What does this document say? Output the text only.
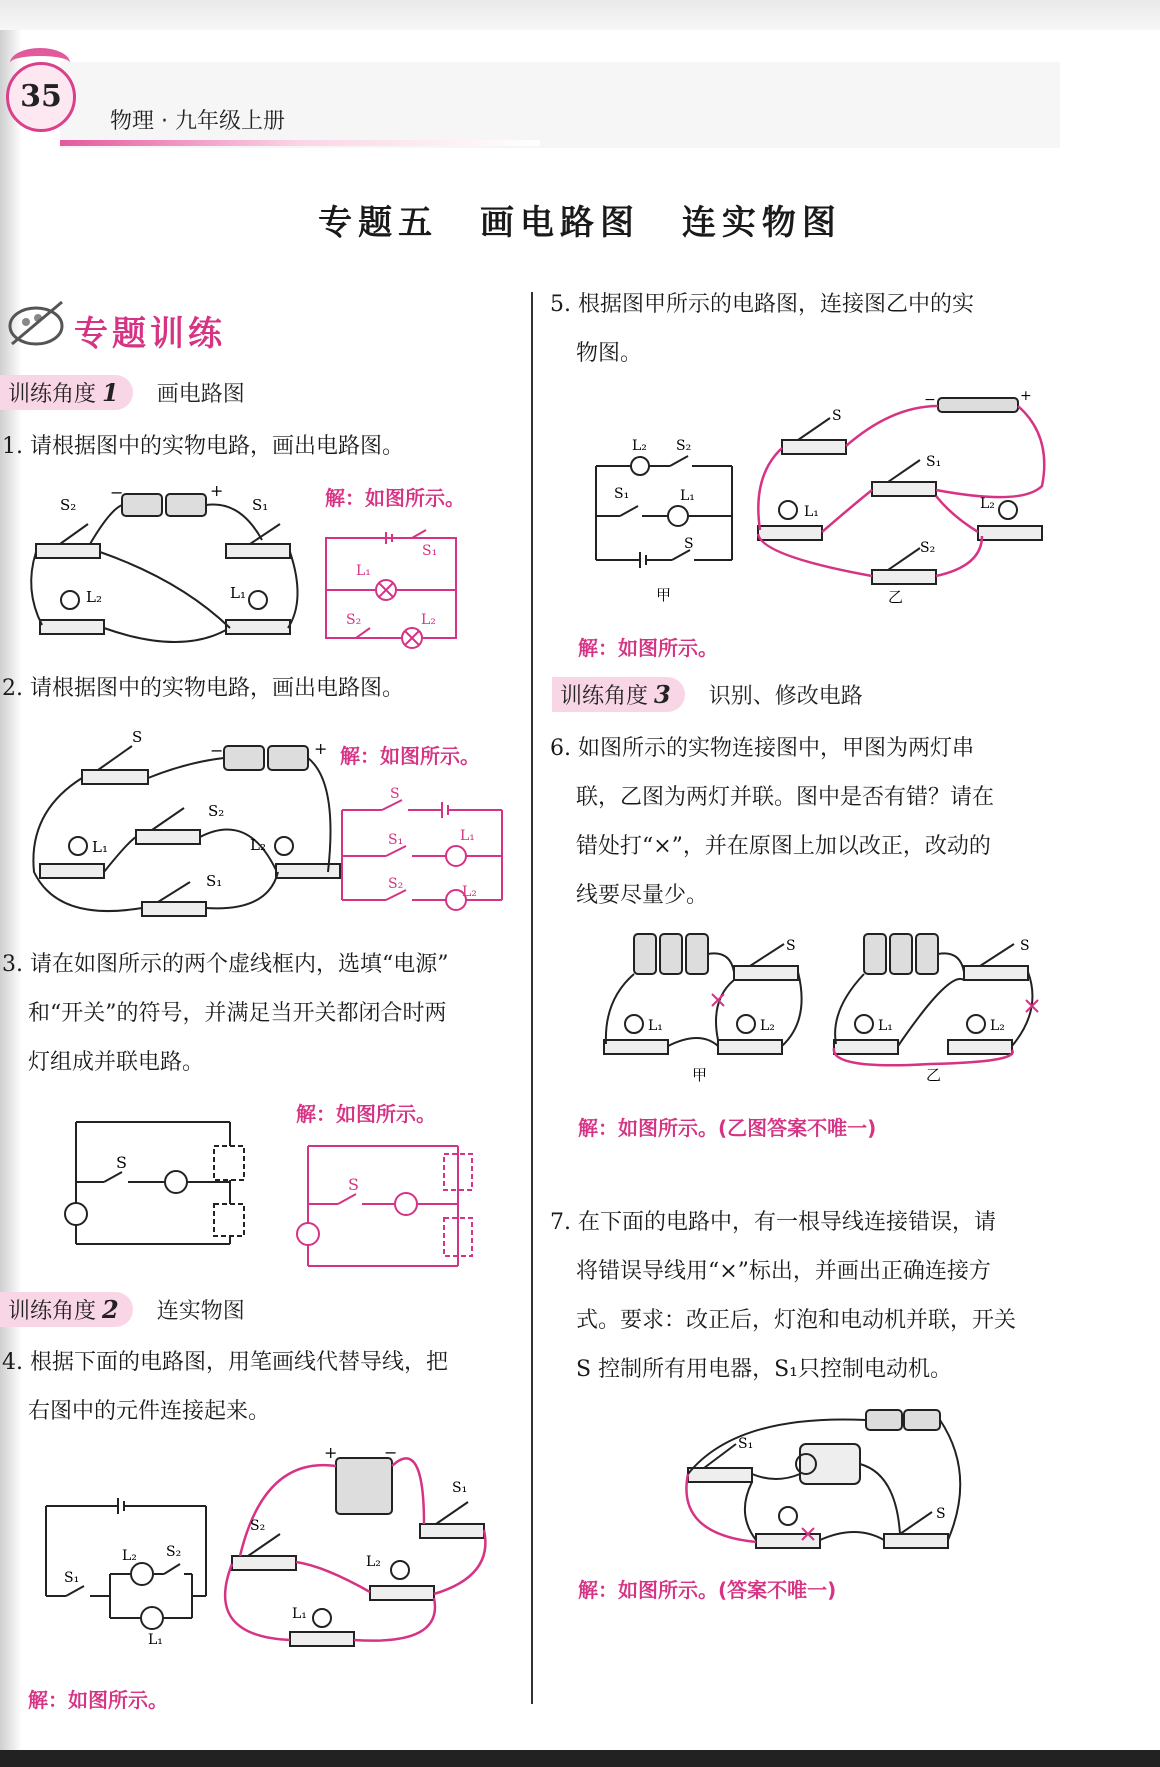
35
物理 · 九年级上册
专题五 画电路图 连实物图
专题训练
训练角度 1	画电路图
1. 请根据图中的实物电路，画出电路图。
S₂	S₁
L₂	L₁
−	+	解：如图所示。
S₁
L₁
S₂	L₂
2. 请根据图中的实物电路，画出电路图。
S
S₂
L₁	L₂
S₁
−	+ 解：如图所示。
S
S₁	L₁
S₂	L₂
3. 请在如图所示的两个虚线框内，选填“电源”
和“开关”的符号，并满足当开关都闭合时两
灯组成并联电路。
S
解：如图所示。
S
训练角度 2	连实物图
4. 根据下面的电路图，用笔画线代替导线，把
右图中的元件连接起来。
S₁
L₂ S₂
L₁
+	−
S₂
S₁
L₂
L₁
解：如图所示。
5. 根据图甲所示的电路图，连接图乙中的实
物图。
L₂ S₂
S₁	L₁
S
甲
S
−	+
S₁
L₁	L₂
S₂
乙
解：如图所示。
训练角度 3	识别、修改电路
6. 如图所示的实物连接图中，甲图为两灯串
联，乙图为两灯并联。图中是否有错？请在
错处打“×”，并在原图上加以改正，改动的
线要尽量少。
S
L₁	L₂
甲
S
L₁	L₂
乙
解：如图所示。(乙图答案不唯一)
7. 在下面的电路中，有一根导线连接错误，请
将错误导线用“×”标出，并画出正确连接方
式。要求：改正后，灯泡和电动机并联，开关
S 控制所有用电器，S₁只控制电动机。
S₁
S
解：如图所示。(答案不唯一)
